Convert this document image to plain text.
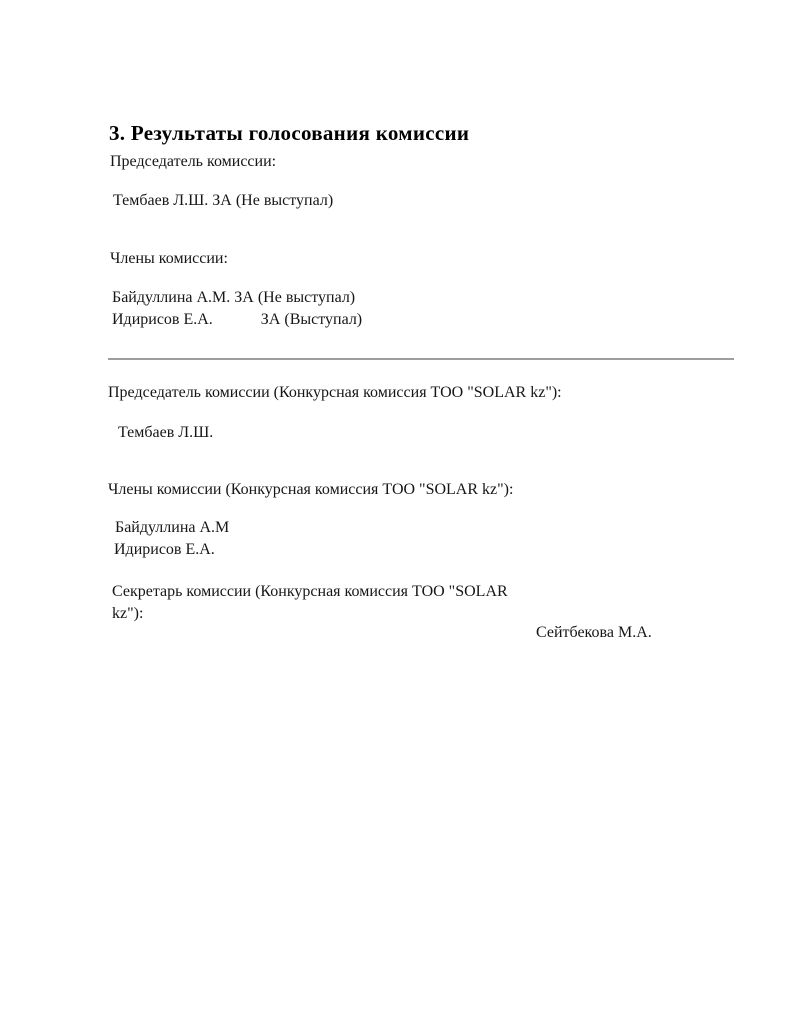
3. Результаты голосования комиссии
Председатель комиссии:
Тембаев Л.Ш. ЗА (Не выступал)
Члены комиссии:
Байдуллина А.М. ЗА (Не выступал)
Идирисов Е.А.            ЗА (Выступал)
Председатель комиссии (Конкурсная комиссия ТОО "SOLAR kz"):
Тембаев Л.Ш.
Члены комиссии (Конкурсная комиссия ТОО "SOLAR kz"):
Байдуллина А.М
Идирисов Е.А.
Секретарь комиссии (Конкурсная комиссия ТОО "SOLAR
kz"):
Сейтбекова М.А.
